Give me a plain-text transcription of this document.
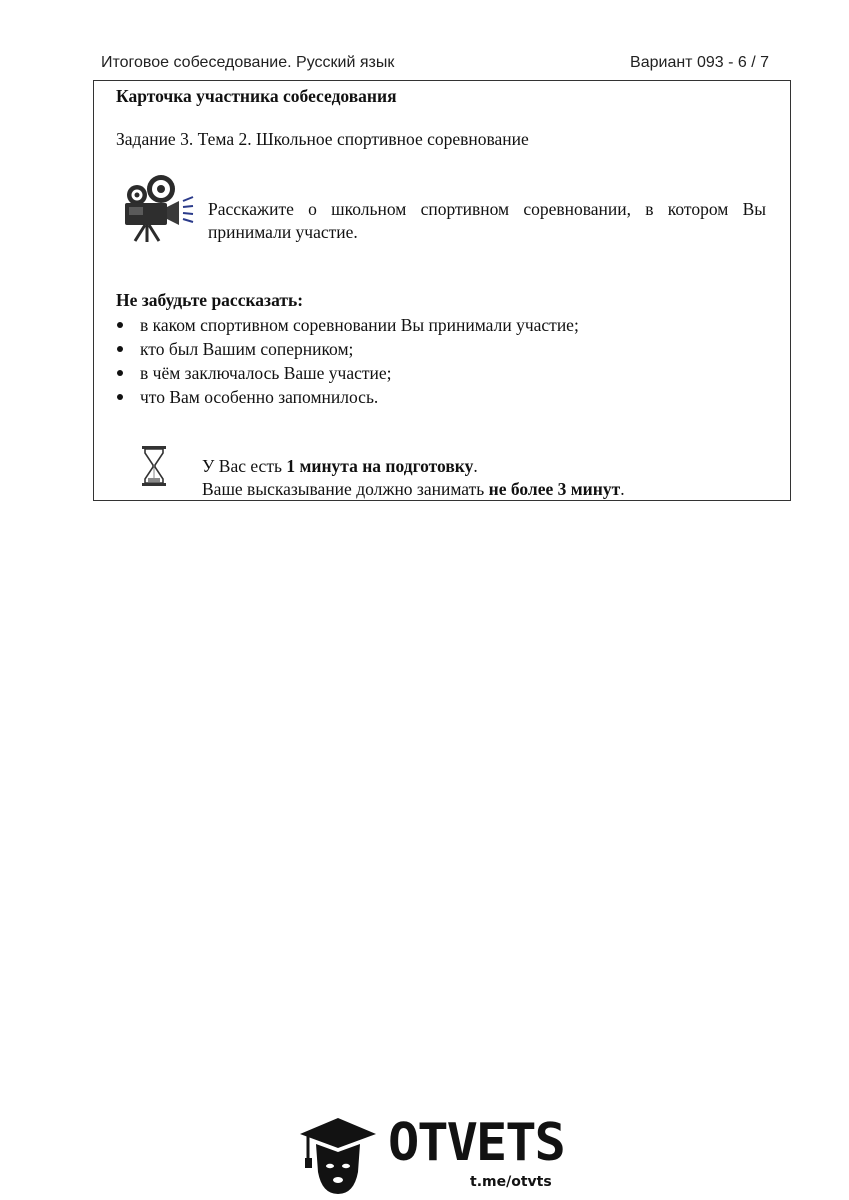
Итоговое собеседование. Русский язык	Вариант 093 - 6 / 7
Карточка участника собеседования
Задание 3. Тема 2. Школьное спортивное соревнование
Расскажите о школьном спортивном соревновании, в котором Вы принимали участие.
Не забудьте рассказать:
в каком спортивном соревновании Вы принимали участие;
кто был Вашим соперником;
в чём заключалось Ваше участие;
что Вам особенно запомнилось.
У Вас есть 1 минута на подготовку.
Ваше высказывание должно занимать не более 3 минут.
OTVETS
t.me/otvts
